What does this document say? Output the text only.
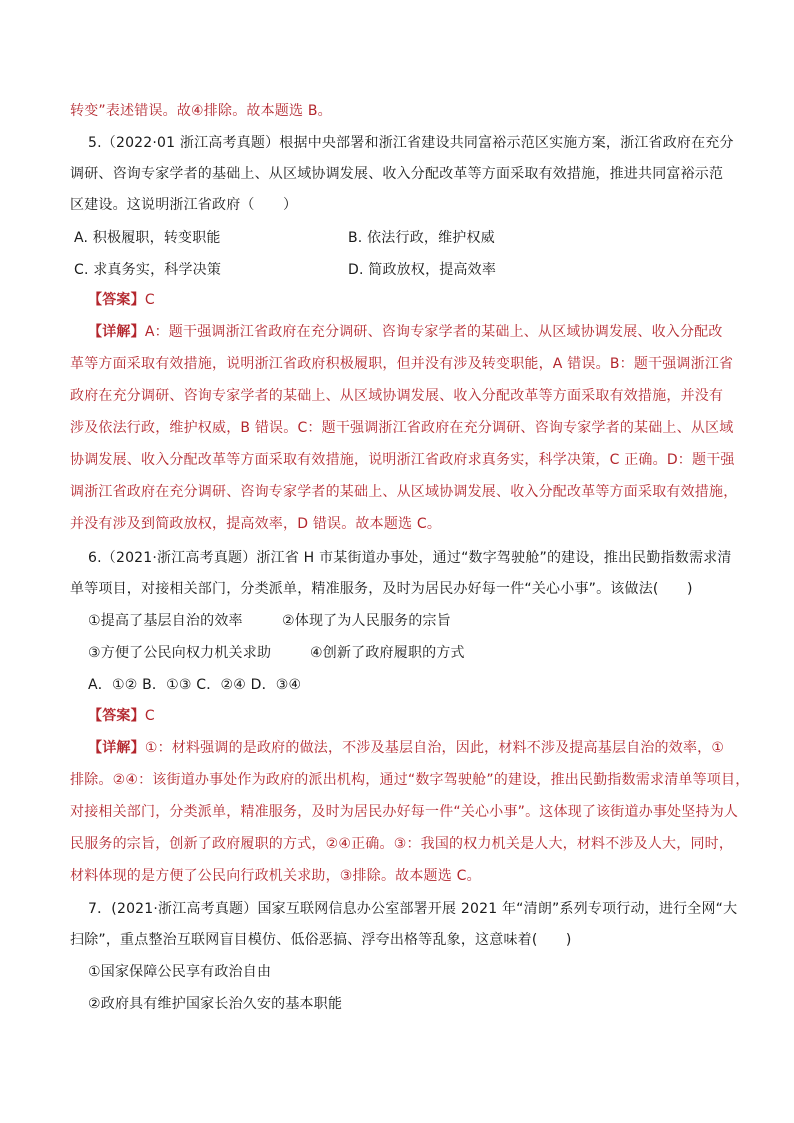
转变”表述错误。故④排除。故本题选 B。
5.（2022·01 浙江高考真题）根据中央部署和浙江省建设共同富裕示范区实施方案，浙江省政府在充分
调研、咨询专家学者的基础上、从区域协调发展、收入分配改革等方面采取有效措施，推进共同富裕示范
区建设。这说明浙江省政府（　　）
A. 积极履职，转变职能	B. 依法行政，维护权威
C. 求真务实，科学决策	D. 简政放权，提高效率
【答案】C
【详解】A：题干强调浙江省政府在充分调研、咨询专家学者的某础上、从区域协调发展、收入分配改
革等方面采取有效措施，说明浙江省政府积极履职，但并没有涉及转变职能，A 错误。B：题干强调浙江省
政府在充分调研、咨询专家学者的某础上、从区域协调发展、收入分配改革等方面采取有效措施，并没有
涉及依法行政，维护权威，B 错误。C：题干强调浙江省政府在充分调研、咨询专家学者的某础上、从区域
协调发展、收入分配改革等方面采取有效措施，说明浙江省政府求真务实，科学决策，C 正确。D：题干强
调浙江省政府在充分调研、咨询专家学者的某础上、从区域协调发展、收入分配改革等方面采取有效措施，
并没有涉及到简政放权，提高效率，D 错误。故本题选 C。
6.（2021·浙江高考真题）浙江省 H 市某街道办事处，通过“数字驾驶舱”的建设，推出民勤指数需求清
单等项目，对接相关部门，分类派单，精准服务，及时为居民办好每一件“关心小事”。该做法(　　)
①提高了基层自治的效率	②体现了为人民服务的宗旨
③方便了公民向权力机关求助	④创新了政府履职的方式
A．①② B．①③ C．②④ D．③④
【答案】C
【详解】①：材料强调的是政府的做法，不涉及基层自治，因此，材料不涉及提高基层自治的效率，①
排除。②④：该街道办事处作为政府的派出机构，通过“数字驾驶舱”的建设，推出民勤指数需求清单等项目，
对接相关部门，分类派单，精准服务，及时为居民办好每一件“关心小事”。这体现了该街道办事处坚持为人
民服务的宗旨，创新了政府履职的方式，②④正确。③：我国的权力机关是人大，材料不涉及人大，同时，
材料体现的是方便了公民向行政机关求助，③排除。故本题选 C。
7．(2021·浙江高考真题）国家互联网信息办公室部署开展 2021 年“清朗”系列专项行动，进行全网“大
扫除”，重点整治互联网盲目模仿、低俗恶搞、浮夸出格等乱象，这意味着(　　)
①国家保障公民享有政治自由
②政府具有维护国家长治久安的基本职能
